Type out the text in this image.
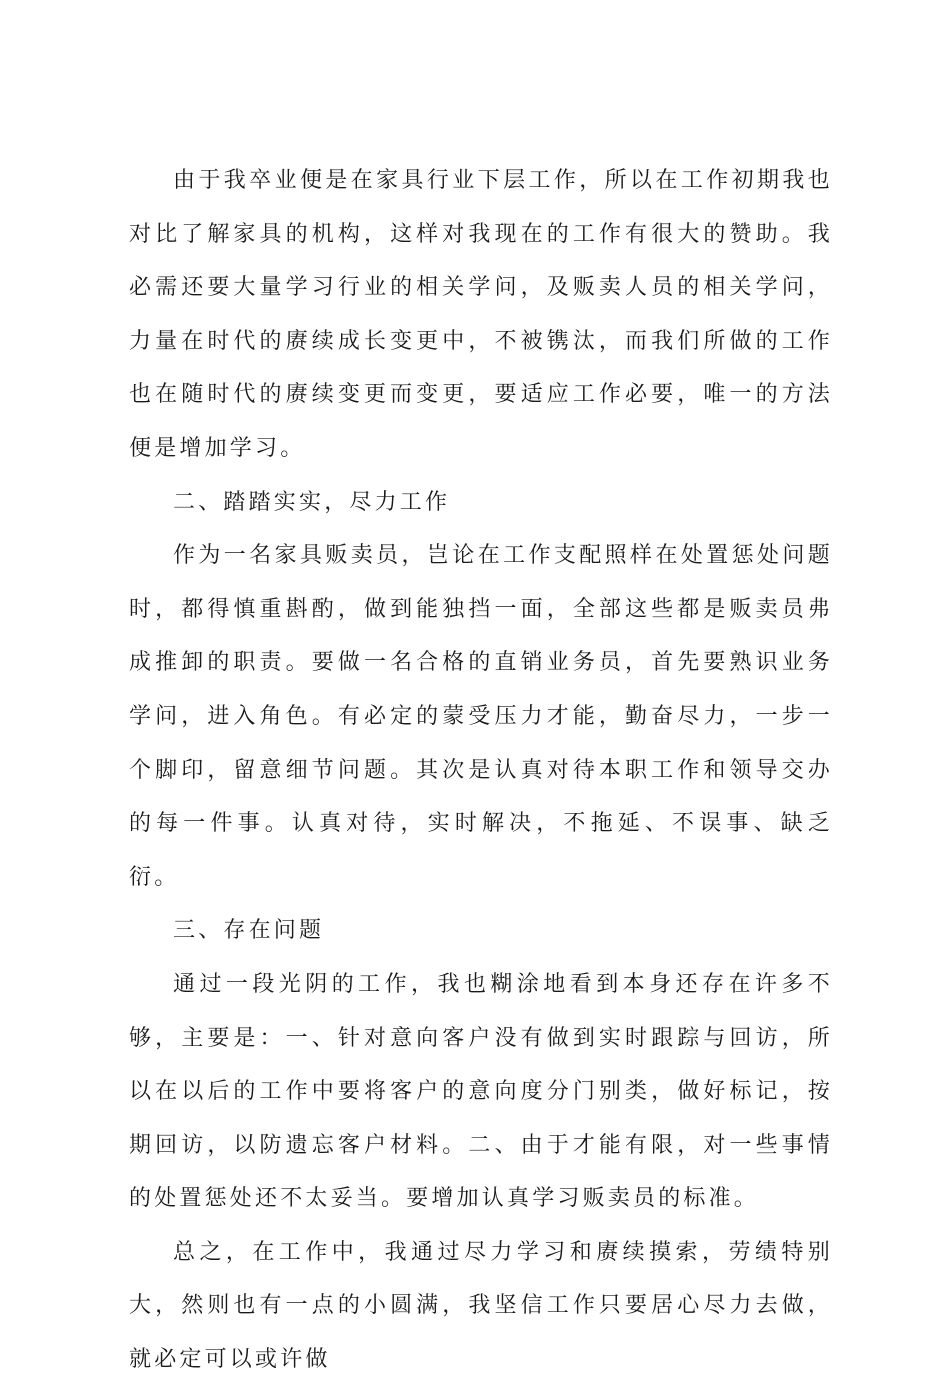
由于我卒业便是在家具行业下层工作，所以在工作初期我也对比了解家具的机构，这样对我现在的工作有很大的赞助。我必需还要大量学习行业的相关学问，及贩卖人员的相关学问，力量在时代的赓续成长变更中，不被镌汰，而我们所做的工作也在随时代的赓续变更而变更，要适应工作必要，唯一的方法便是增加学习。

二、踏踏实实，尽力工作

作为一名家具贩卖员，岂论在工作支配照样在处置惩处问题时，都得慎重斟酌，做到能独挡一面，全部这些都是贩卖员弗成推卸的职责。要做一名合格的直销业务员，首先要熟识业务学问，进入角色。有必定的蒙受压力才能，勤奋尽力，一步一个脚印，留意细节问题。其次是认真对待本职工作和领导交办的每一件事。认真对待，实时解决，不拖延、不误事、缺乏衍。

三、存在问题

通过一段光阴的工作，我也糊涂地看到本身还存在许多不够，主要是：一、针对意向客户没有做到实时跟踪与回访，所以在以后的工作中要将客户的意向度分门别类，做好标记，按期回访，以防遗忘客户材料。二、由于才能有限，对一些事情的处置惩处还不太妥当。要增加认真学习贩卖员的标准。

总之，在工作中，我通过尽力学习和赓续摸索，劳绩特别大，然则也有一点的小圆满，我坚信工作只要居心尽力去做，就必定可以或许做
